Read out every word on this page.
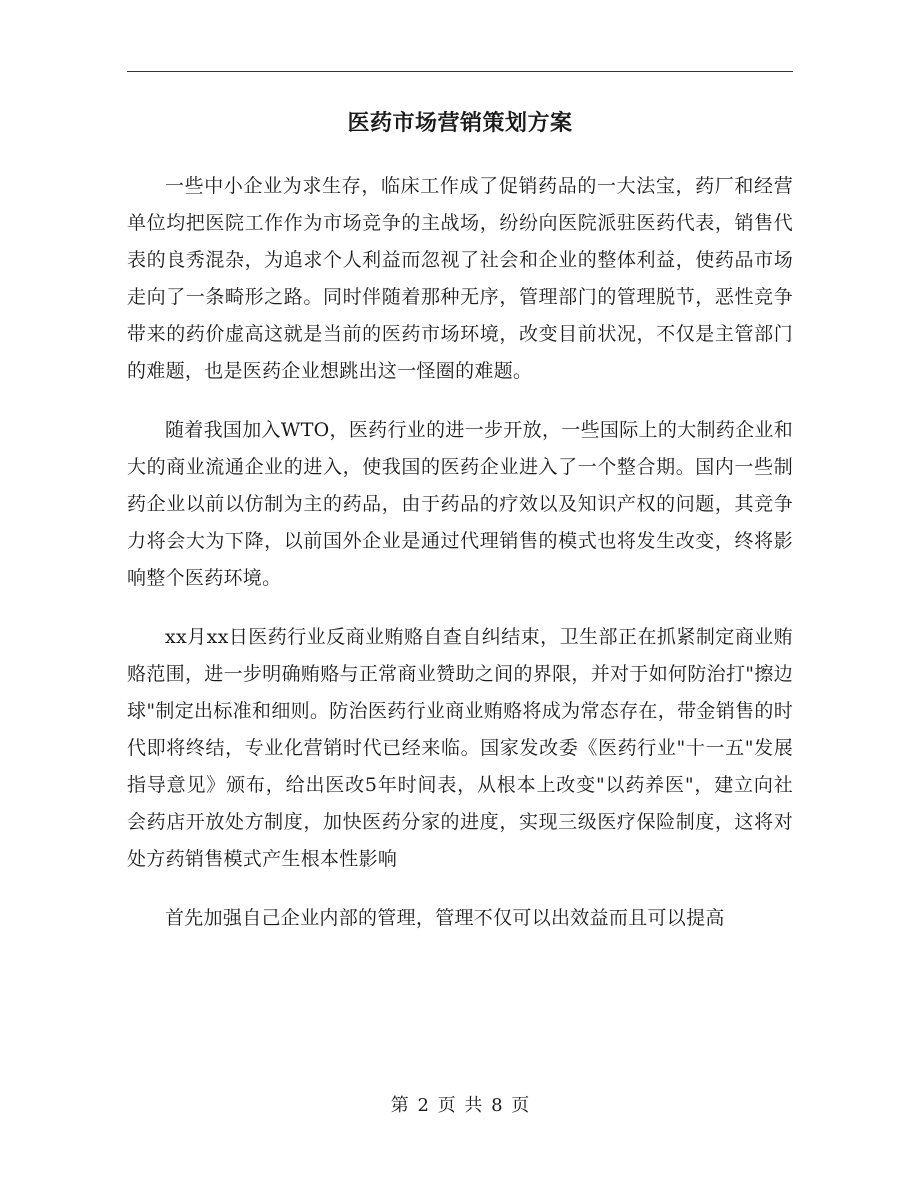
医药市场营销策划方案

一些中小企业为求生存，临床工作成了促销药品的一大法宝，药厂和经营单位均把医院工作作为市场竞争的主战场，纷纷向医院派驻医药代表，销售代表的良秀混杂，为追求个人利益而忽视了社会和企业的整体利益，使药品市场走向了一条畸形之路。同时伴随着那种无序，管理部门的管理脱节，恶性竞争带来的药价虚高这就是当前的医药市场环境，改变目前状况，不仅是主管部门的难题，也是医药企业想跳出这一怪圈的难题。

随着我国加入WTO，医药行业的进一步开放，一些国际上的大制药企业和大的商业流通企业的进入，使我国的医药企业进入了一个整合期。国内一些制药企业以前以仿制为主的药品，由于药品的疗效以及知识产权的问题，其竞争力将会大为下降，以前国外企业是通过代理销售的模式也将发生改变，终将影响整个医药环境。

xx月xx日医药行业反商业贿赂自查自纠结束，卫生部正在抓紧制定商业贿赂范围，进一步明确贿赂与正常商业赞助之间的界限，并对于如何防治打"擦边球"制定出标准和细则。防治医药行业商业贿赂将成为常态存在，带金销售的时代即将终结，专业化营销时代已经来临。国家发改委《医药行业"十一五"发展指导意见》颁布，给出医改5年时间表，从根本上改变"以药养医"，建立向社会药店开放处方制度，加快医药分家的进度，实现三级医疗保险制度，这将对处方药销售模式产生根本性影响

首先加强自己企业内部的管理，管理不仅可以出效益而且可以提高

第 2 页 共 8 页
